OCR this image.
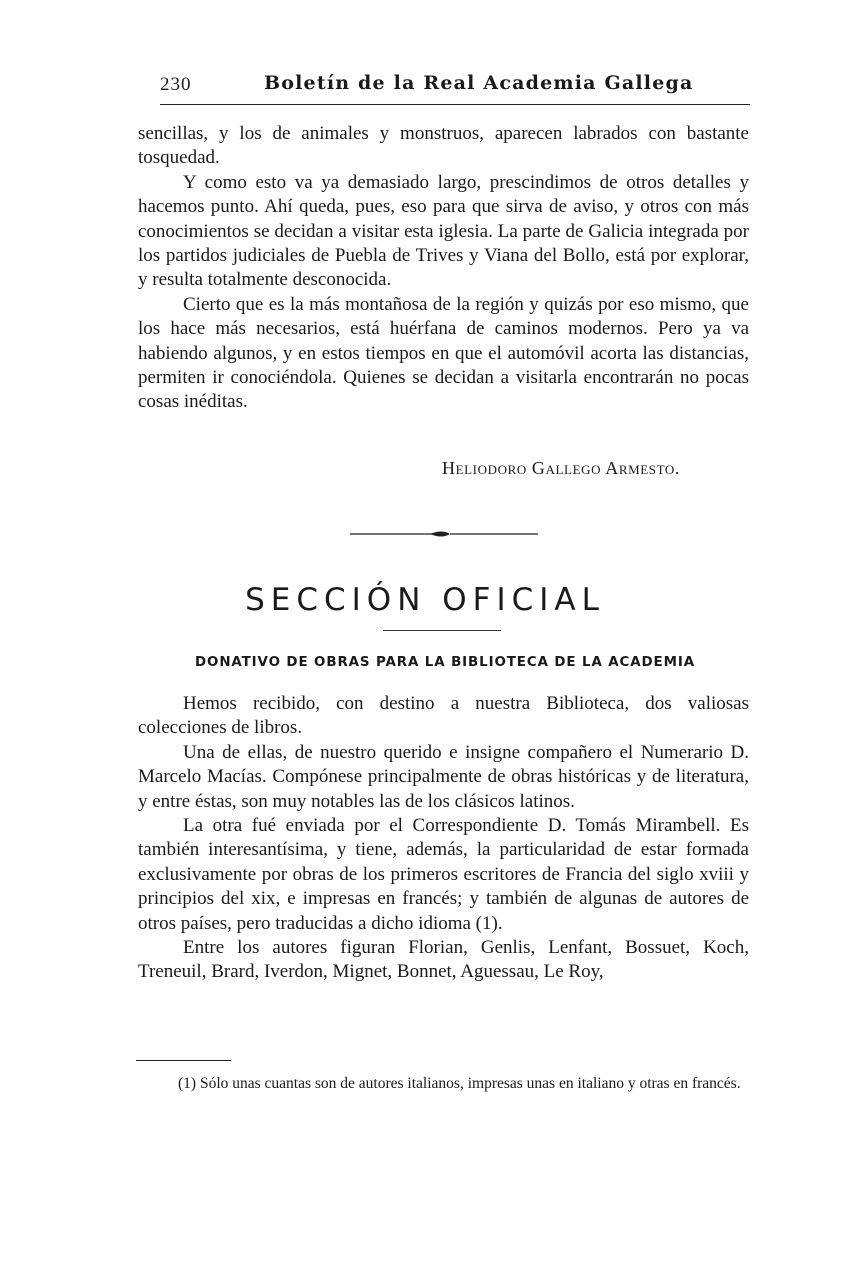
230	Boletín de la Real Academia Gallega

sencillas, y los de animales y monstruos, aparecen labrados con bastante tosquedad.

Y como esto va ya demasiado largo, prescindimos de otros detalles y hacemos punto. Ahí queda, pues, eso para que sirva de aviso, y otros con más conocimientos se decidan a visitar esta iglesia. La parte de Galicia integrada por los partidos judiciales de Puebla de Trives y Viana del Bollo, está por explorar, y resulta totalmente desconocida.

Cierto que es la más montañosa de la región y quizás por eso mismo, que los hace más necesarios, está huérfana de caminos modernos. Pero ya va habiendo algunos, y en estos tiempos en que el automóvil acorta las distancias, permiten ir conociéndola. Quienes se decidan a visitarla encontrarán no pocas cosas inéditas.

Heliodoro Gallego Armesto.
SECCIÓN OFICIAL
DONATIVO DE OBRAS PARA LA BIBLIOTECA DE LA ACADEMIA

Hemos recibido, con destino a nuestra Biblioteca, dos valiosas colecciones de libros.

Una de ellas, de nuestro querido e insigne compañero el Numerario D. Marcelo Macías. Compónese principalmente de obras históricas y de literatura, y entre éstas, son muy notables las de los clásicos latinos.

La otra fué enviada por el Correspondiente D. Tomás Mirambell. Es también interesantísima, y tiene, además, la particularidad de estar formada exclusivamente por obras de los primeros escritores de Francia del siglo xviii y principios del xix, e impresas en francés; y también de algunas de autores de otros países, pero traducidas a dicho idioma (1).

Entre los autores figuran Florian, Genlis, Lenfant, Bossuet, Koch, Treneuil, Brard, Iverdon, Mignet, Bonnet, Aguessau, Le Roy,

(1) Sólo unas cuantas son de autores italianos, impresas unas en italiano y otras en francés.
